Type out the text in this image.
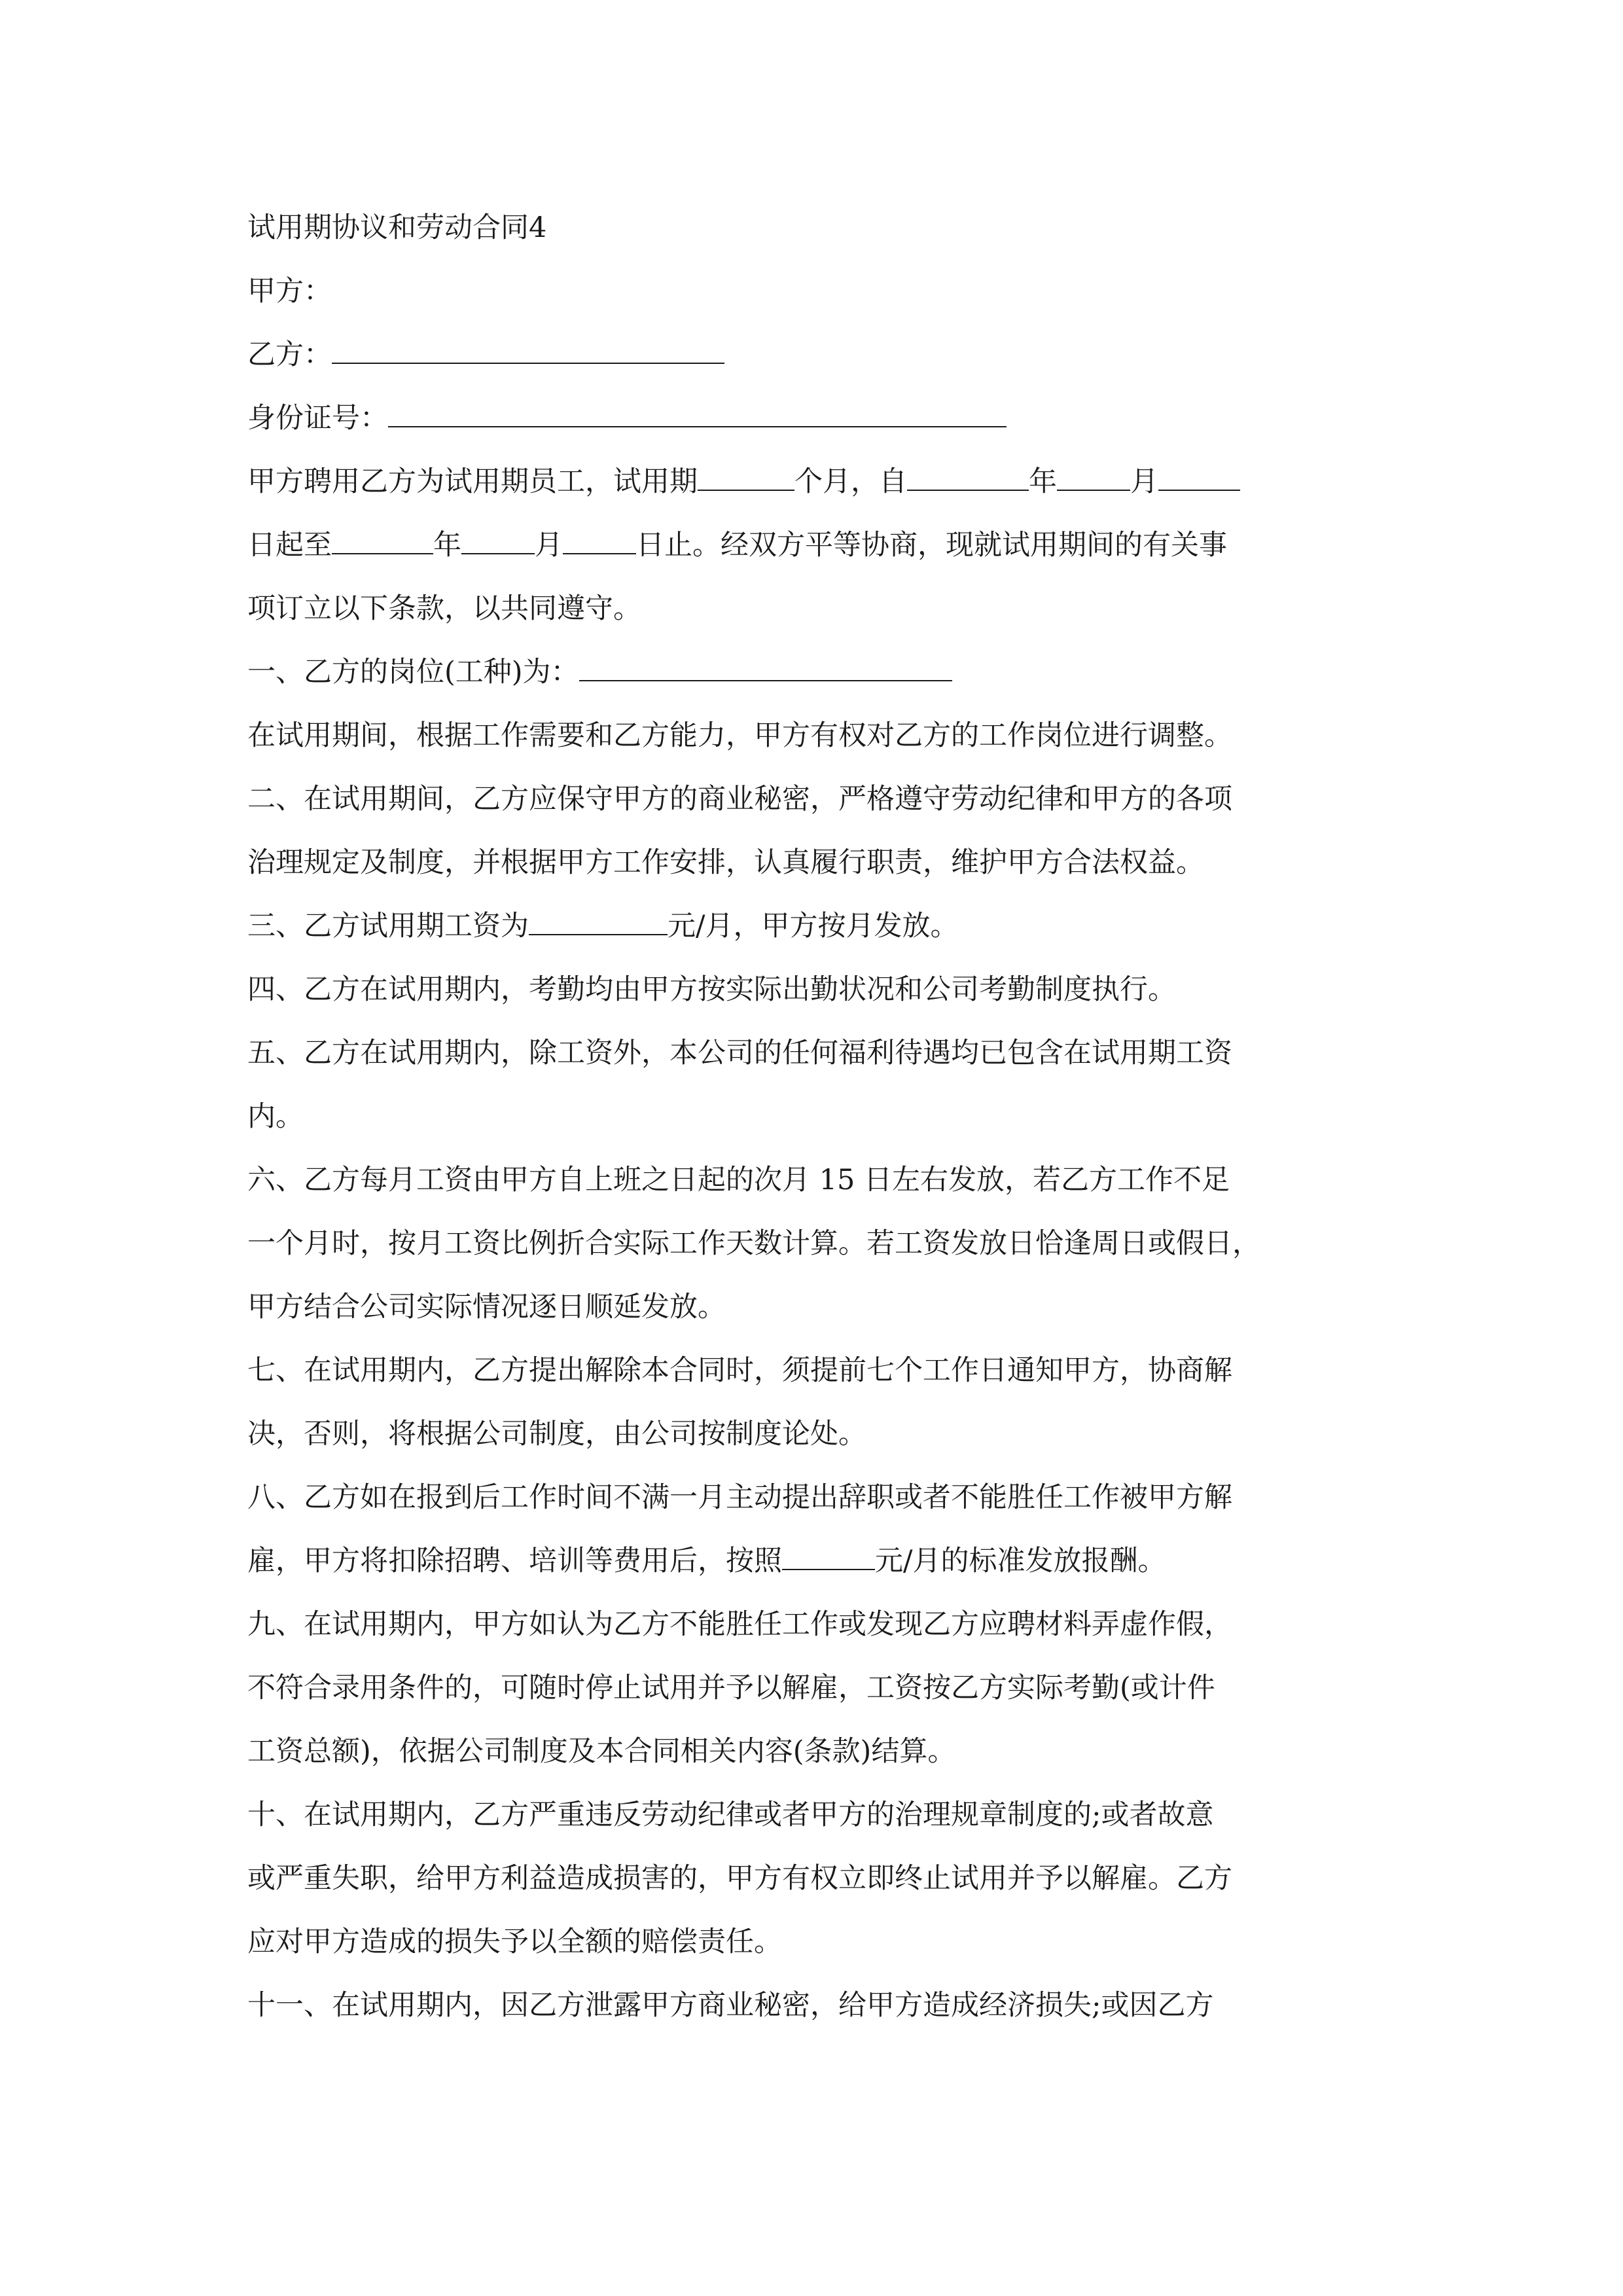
试用期协议和劳动合同4
甲方：
乙方：
身份证号：
甲方聘用乙方为试用期员工，试用期	个月，自	年	月
日起至	年	月	日止。经双方平等协商，现就试用期间的有关事
项订立以下条款，以共同遵守。
一、乙方的岗位(工种)为：
在试用期间，根据工作需要和乙方能力，甲方有权对乙方的工作岗位进行调整。
二、在试用期间，乙方应保守甲方的商业秘密，严格遵守劳动纪律和甲方的各项
治理规定及制度，并根据甲方工作安排，认真履行职责，维护甲方合法权益。
三、乙方试用期工资为	元/月，甲方按月发放。
四、乙方在试用期内，考勤均由甲方按实际出勤状况和公司考勤制度执行。
五、乙方在试用期内，除工资外，本公司的任何福利待遇均已包含在试用期工资
内。
六、乙方每月工资由甲方自上班之日起的次月 15 日左右发放，若乙方工作不足
一个月时，按月工资比例折合实际工作天数计算。若工资发放日恰逢周日或假日，
甲方结合公司实际情况逐日顺延发放。
七、在试用期内，乙方提出解除本合同时，须提前七个工作日通知甲方，协商解
决，否则，将根据公司制度，由公司按制度论处。
八、乙方如在报到后工作时间不满一月主动提出辞职或者不能胜任工作被甲方解
雇，甲方将扣除招聘、培训等费用后，按照	元/月的标准发放报酬。
九、在试用期内，甲方如认为乙方不能胜任工作或发现乙方应聘材料弄虚作假，
不符合录用条件的，可随时停止试用并予以解雇，工资按乙方实际考勤(或计件
工资总额)，依据公司制度及本合同相关内容(条款)结算。
十、在试用期内，乙方严重违反劳动纪律或者甲方的治理规章制度的;或者故意
或严重失职，给甲方利益造成损害的，甲方有权立即终止试用并予以解雇。乙方
应对甲方造成的损失予以全额的赔偿责任。
十一、在试用期内，因乙方泄露甲方商业秘密，给甲方造成经济损失;或因乙方
